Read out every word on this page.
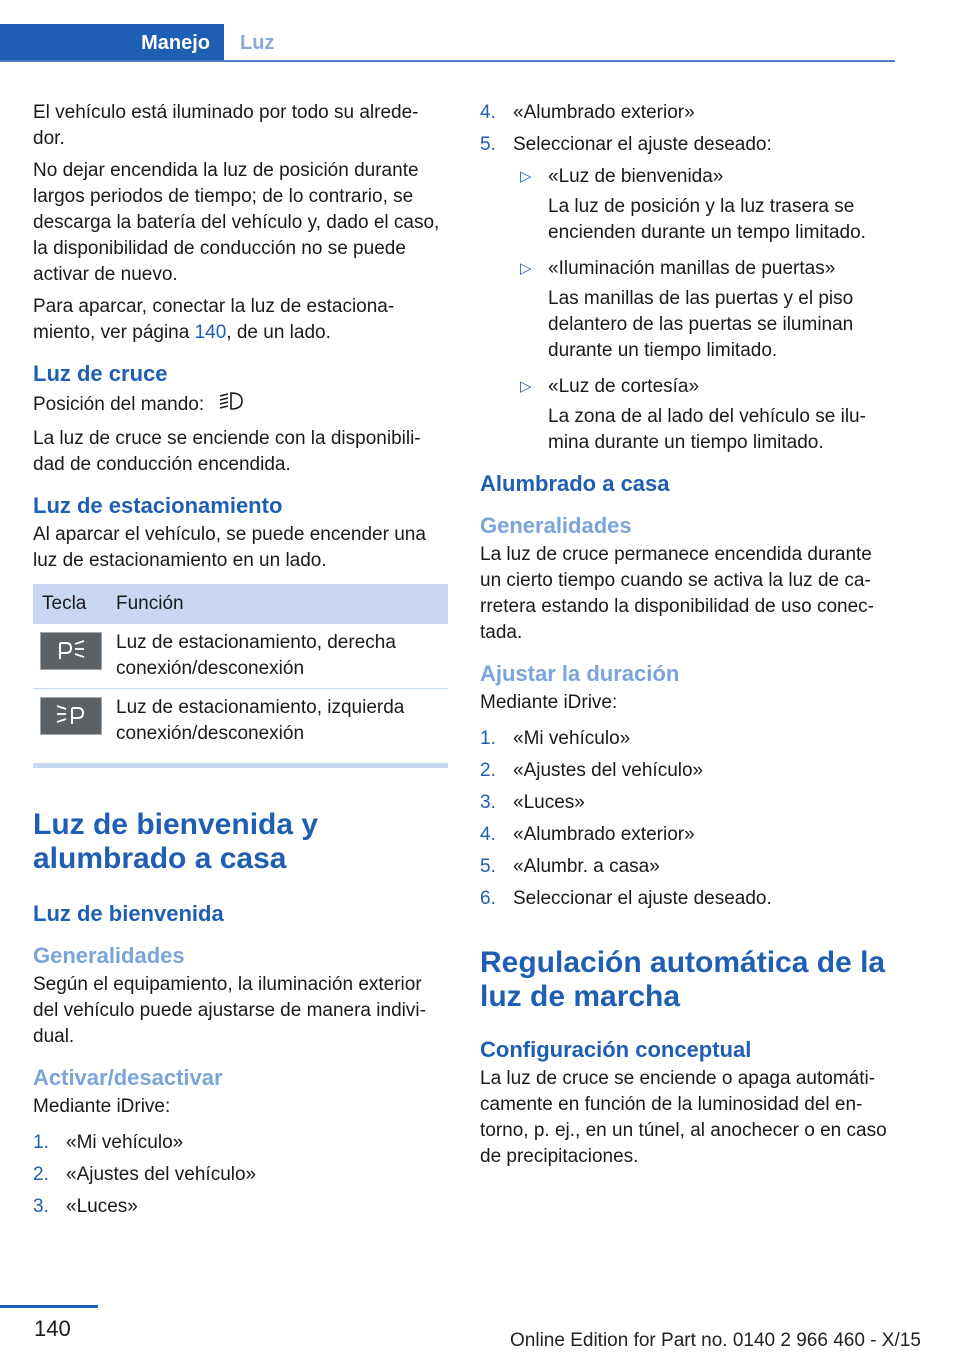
Manejo	Luz

El vehículo está iluminado por todo su alrede-dor.

No dejar encendida la luz de posición durante largos periodos de tiempo; de lo contrario, se descarga la batería del vehículo y, dado el caso, la disponibilidad de conducción no se puede activar de nuevo.

Para aparcar, conectar la luz de estaciona-miento, ver página 140, de un lado.

Luz de cruce

Posición del mando:

La luz de cruce se enciende con la disponibili-dad de conducción encendida.

Luz de estacionamiento

Al aparcar el vehículo, se puede encender una luz de estacionamiento en un lado.

Tecla	Función

	Luz de estacionamiento, derecha conexión/desconexión

	Luz de estacionamiento, izquierda conexión/desconexión
Luz de bienvenida y alumbrado a casa
Luz de bienvenida
Generalidades

Según el equipamiento, la iluminación exterior del vehículo puede ajustarse de manera indivi-dual.

Activar/desactivar

Mediante iDrive:

1. «Mi vehículo»
2. «Ajustes del vehículo»
3. «Luces»
4. «Alumbrado exterior»
5. Seleccionar el ajuste deseado:
▷ «Luz de bienvenida»
La luz de posición y la luz trasera se encienden durante un tempo limitado.
▷ «Iluminación manillas de puertas»
Las manillas de las puertas y el piso delantero de las puertas se iluminan durante un tiempo limitado.
▷ «Luz de cortesía»
La zona de al lado del vehículo se ilu-mina durante un tiempo limitado.
Alumbrado a casa
Generalidades

La luz de cruce permanece encendida durante un cierto tiempo cuando se activa la luz de ca-rretera estando la disponibilidad de uso conec-tada.

Ajustar la duración

Mediante iDrive:

1. «Mi vehículo»
2. «Ajustes del vehículo»
3. «Luces»
4. «Alumbrado exterior»
5. «Alumbr. a casa»
6. Seleccionar el ajuste deseado.
Regulación automática de la luz de marcha
Configuración conceptual

La luz de cruce se enciende o apaga automáti-camente en función de la luminosidad del en-torno, p. ej., en un túnel, al anochecer o en caso de precipitaciones.

140	Online Edition for Part no. 0140 2 966 460 - X/15
